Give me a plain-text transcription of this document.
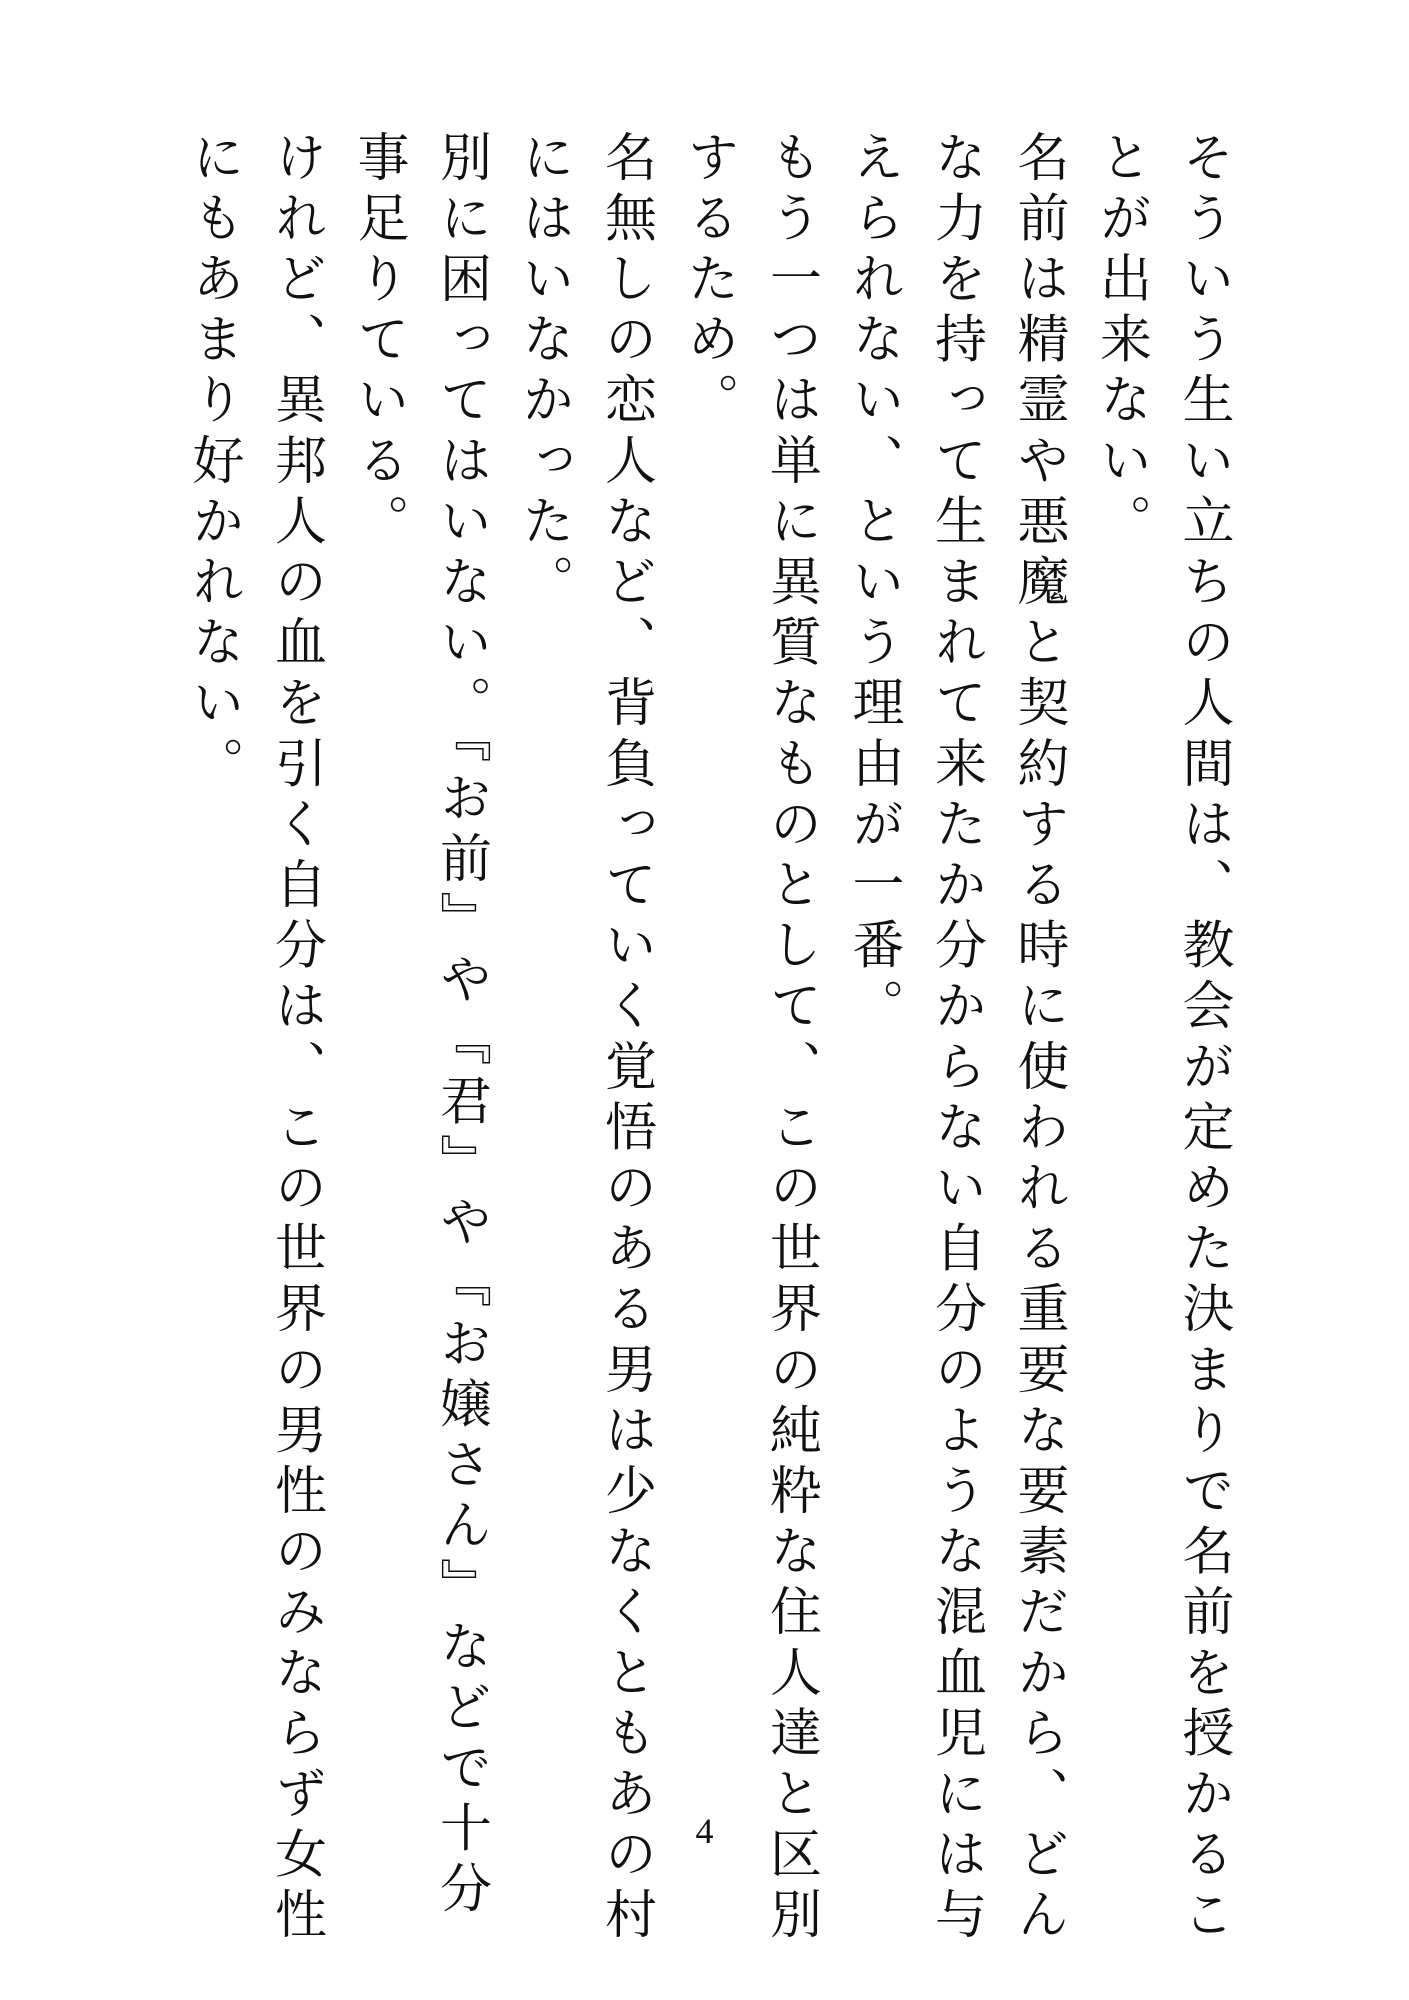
そういう生い立ちの人間は、教会が定めた決まりで名前を授かるこ
とが出来ない。
名前は精霊や悪魔と契約する時に使われる重要な要素だから、どん
な力を持って生まれて来たか分からない自分のような混血児には与
えられない、という理由が一番。
もう一つは単に異質なものとして、この世界の純粋な住人達と区別
するため。
名無しの恋人など、背負っていく覚悟のある男は少なくともあの村
にはいなかった。
別に困ってはいない。『お前』や『君』や『お嬢さん』などで十分
事足りている。
けれど、異邦人の血を引く自分は、この世界の男性のみならず女性
にもあまり好かれない。
4
